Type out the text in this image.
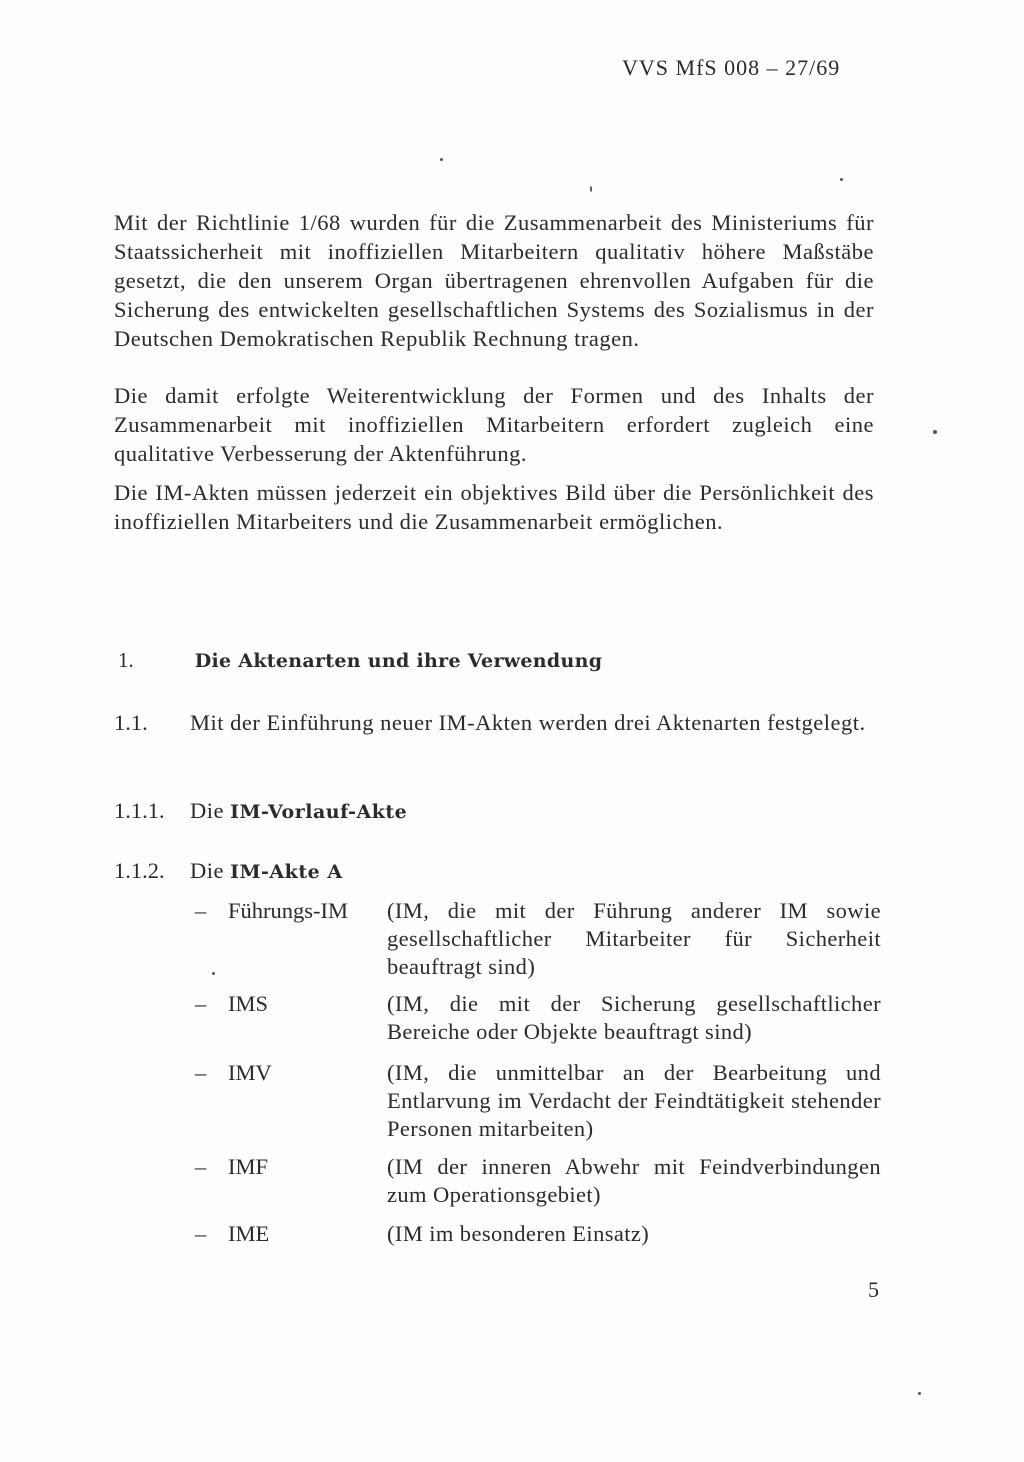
VVS MfS 008 – 27/69

Mit der Richtlinie 1/68 wurden für die Zusammenarbeit des Ministeriums für Staatssicherheit mit inoffiziellen Mitarbeitern qualitativ höhere Maßstäbe gesetzt, die den unserem Organ übertragenen ehrenvollen Aufgaben für die Sicherung des entwickelten gesellschaftlichen Systems des Sozialismus in der Deutschen Demokratischen Republik Rechnung tragen.

Die damit erfolgte Weiterentwicklung der Formen und des Inhalts der Zusammenarbeit mit inoffiziellen Mitarbeitern erfordert zugleich eine qualitative Verbesserung der Aktenführung.

Die IM-Akten müssen jederzeit ein objektives Bild über die Persönlichkeit des inoffiziellen Mitarbeiters und die Zusammenarbeit ermöglichen.

1.	Die Aktenarten und ihre Verwendung
1.1. Mit der Einführung neuer IM-Akten werden drei Aktenarten festgelegt.
1.1.1. Die IM-Vorlauf-Akte
1.1.2. Die IM-Akte A
– Führungs-IM (IM, die mit der Führung anderer IM sowie gesellschaftlicher Mitarbeiter für Sicherheit beauftragt sind)
– IMS	(IM, die mit der Sicherung gesellschaftlicher Bereiche oder Objekte beauftragt sind)
– IMV	(IM, die unmittelbar an der Bearbeitung und Entlarvung im Verdacht der Feindtätigkeit stehender Personen mitarbeiten)
– IMF	(IM der inneren Abwehr mit Feindverbindungen zum Operationsgebiet)
– IME	(IM im besonderen Einsatz)
5
